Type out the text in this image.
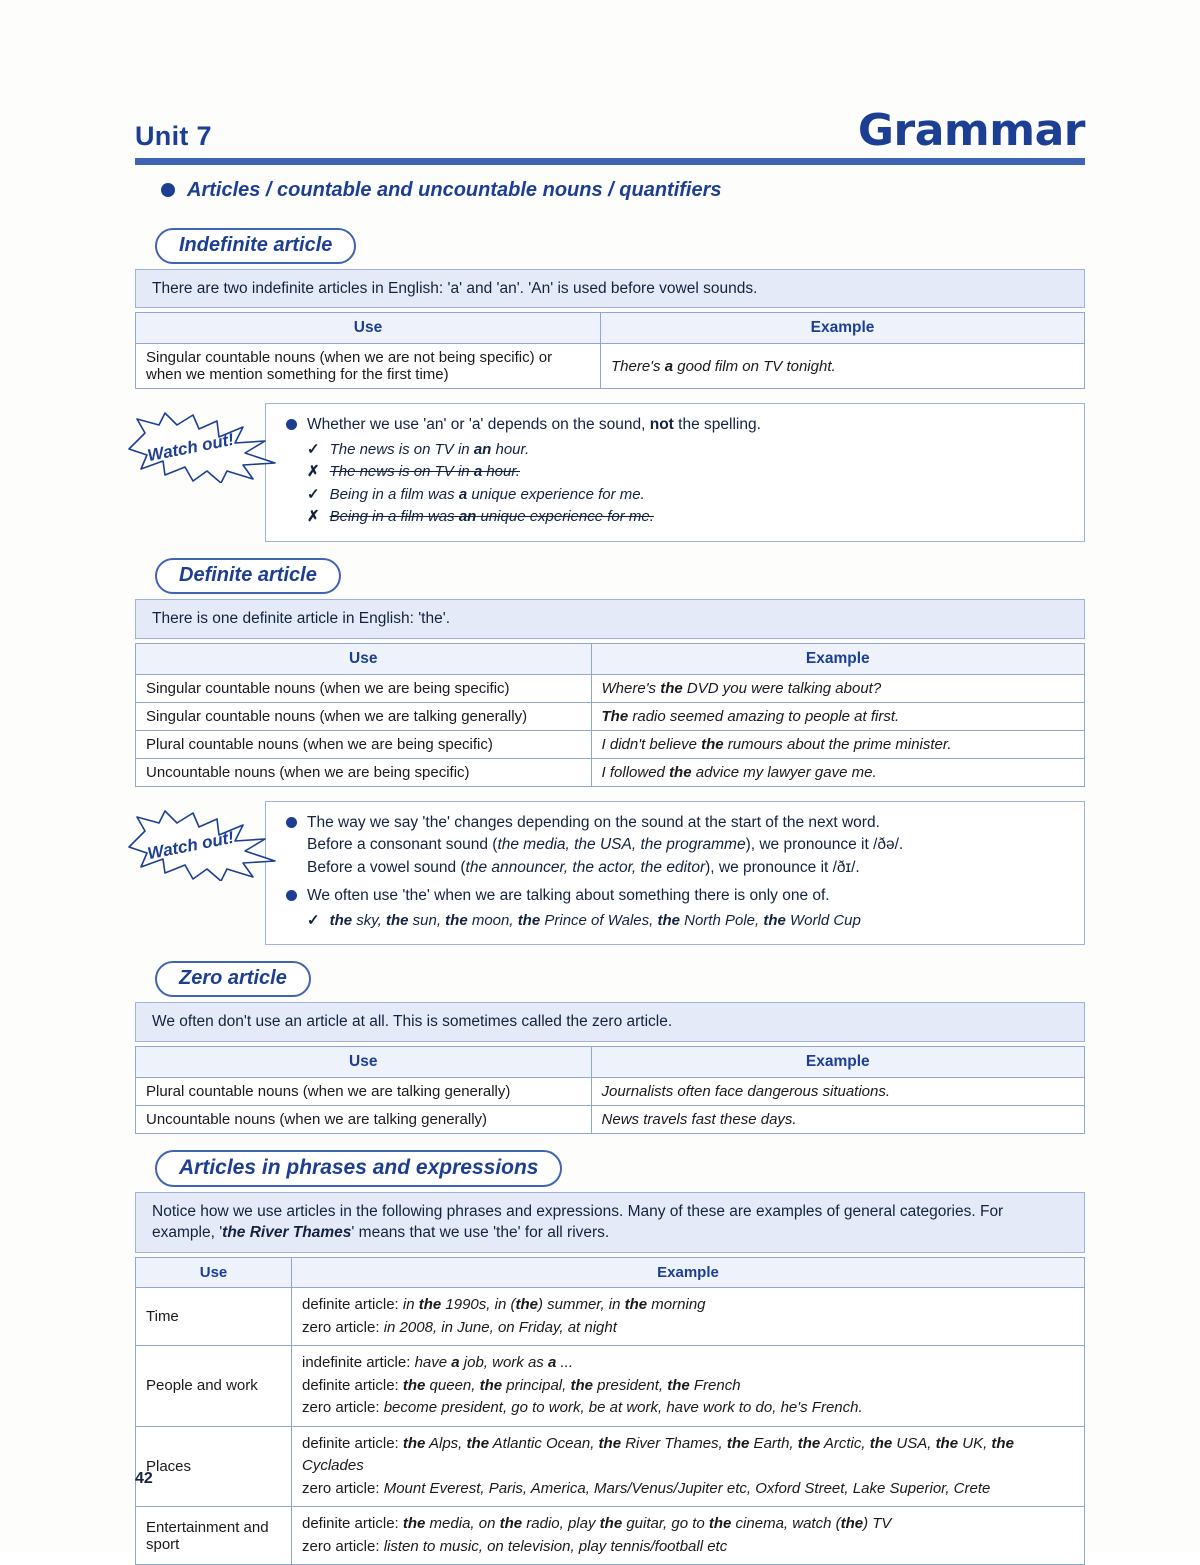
Unit 7	Grammar
Articles / countable and uncountable nouns / quantifiers
Indefinite article
There are two indefinite articles in English: 'a' and 'an'. 'An' is used before vowel sounds.
Use	Example
Singular countable nouns (when we are not being specific) or when we mention something for the first time)	There's a good film on TV tonight.
Watch out!
Whether we use 'an' or 'a' depends on the sound, not the spelling.
✓ The news is on TV in an hour.
✗ The news is on TV in a hour.
✓ Being in a film was a unique experience for me.
✗ Being in a film was an unique experience for me.
Definite article
There is one definite article in English: 'the'.
Use	Example
Singular countable nouns (when we are being specific)	Where's the DVD you were talking about?
Singular countable nouns (when we are talking generally)	The radio seemed amazing to people at first.
Plural countable nouns (when we are being specific)	I didn't believe the rumours about the prime minister.
Uncountable nouns (when we are being specific)	I followed the advice my lawyer gave me.
Watch out!
The way we say 'the' changes depending on the sound at the start of the next word.
Before a consonant sound (the media, the USA, the programme), we pronounce it /ðə/.
Before a vowel sound (the announcer, the actor, the editor), we pronounce it /ðɪ/.
We often use 'the' when we are talking about something there is only one of.
✓ the sky, the sun, the moon, the Prince of Wales, the North Pole, the World Cup
Zero article
We often don't use an article at all. This is sometimes called the zero article.
Use	Example
Plural countable nouns (when we are talking generally)	Journalists often face dangerous situations.
Uncountable nouns (when we are talking generally)	News travels fast these days.
Articles in phrases and expressions
Notice how we use articles in the following phrases and expressions. Many of these are examples of general categories. For example, 'the River Thames' means that we use 'the' for all rivers.
Use	Example
Time	definite article: in the 1990s, in (the) summer, in the morning
zero article: in 2008, in June, on Friday, at night
People and work	indefinite article: have a job, work as a ...
definite article: the queen, the principal, the president, the French
zero article: become president, go to work, be at work, have work to do, he's French.
Places	definite article: the Alps, the Atlantic Ocean, the River Thames, the Earth, the Arctic, the USA, the UK, the Cyclades
zero article: Mount Everest, Paris, America, Mars/Venus/Jupiter etc, Oxford Street, Lake Superior, Crete
Entertainment and sport	definite article: the media, on the radio, play the guitar, go to the cinema, watch (the) TV
zero article: listen to music, on television, play tennis/football etc
42
